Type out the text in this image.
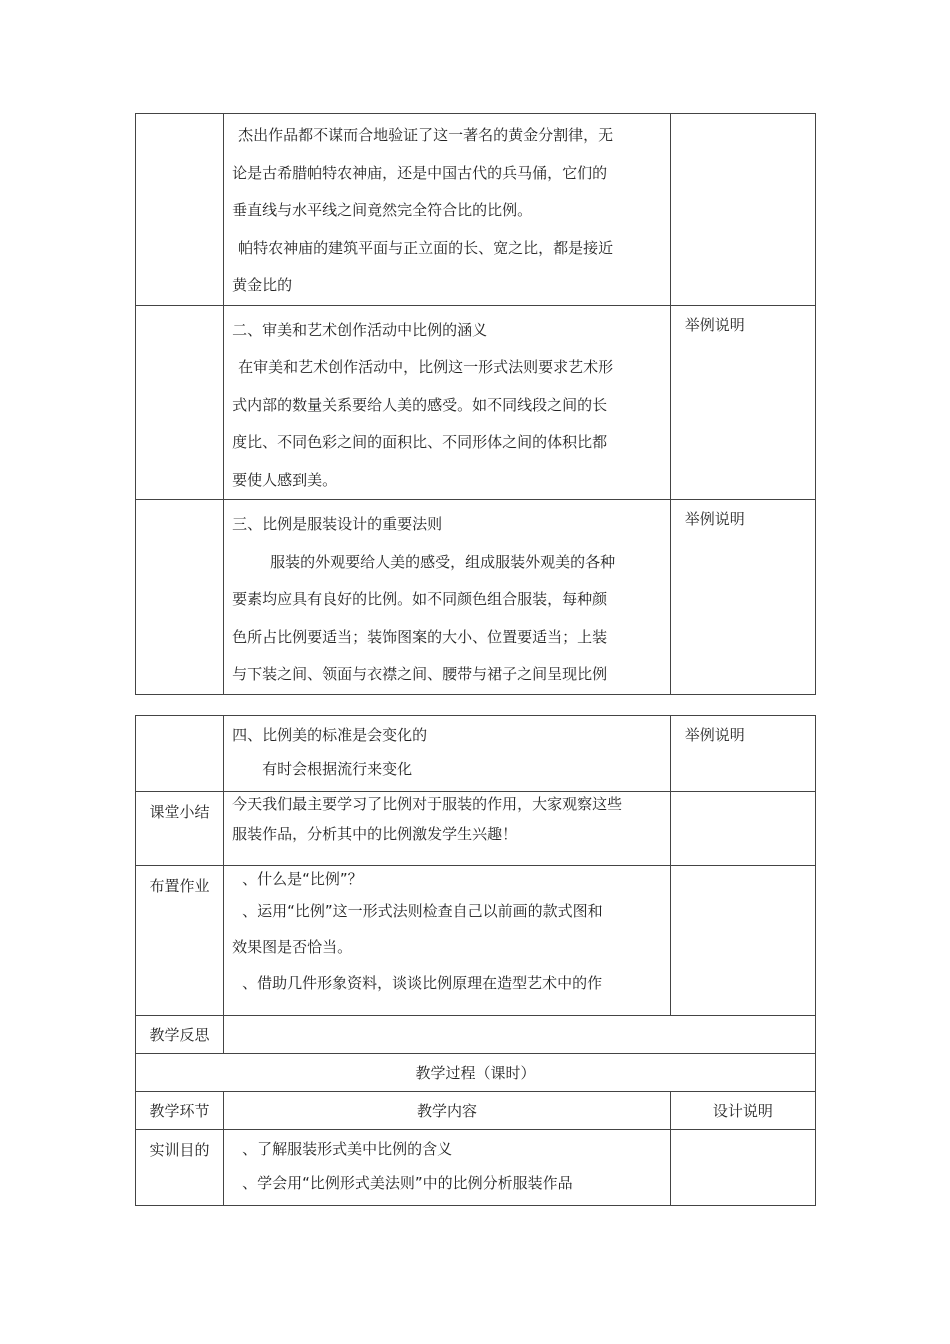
	杰出作品都不谋而合地验证了这一著名的黄金分割律，无
论是古希腊帕特农神庙，还是中国古代的兵马俑，它们的
垂直线与水平线之间竟然完全符合比的比例。
帕特农神庙的建筑平面与正立面的长、宽之比，都是接近
黄金比的	

	二、审美和艺术创作活动中比例的涵义
在审美和艺术创作活动中，比例这一形式法则要求艺术形
式内部的数量关系要给人美的感受。如不同线段之间的长
度比、不同色彩之间的面积比、不同形体之间的体积比都
要使人感到美。	举例说明

	三、比例是服装设计的重要法则
服装的外观要给人美的感受，组成服装外观美的各种
要素均应具有良好的比例。如不同颜色组合服装，每种颜
色所占比例要适当；装饰图案的大小、位置要适当；上装
与下装之间、领面与衣襟之间、腰带与裙子之间呈现比例	举例说明

	四、比例美的标准是会变化的
有时会根据流行来变化	举例说明

课堂小结	今天我们最主要学习了比例对于服装的作用，大家观察这些
服装作品，分析其中的比例激发学生兴趣！	

布置作业	、什么是“比例”？
、运用“比例”这一形式法则检查自己以前画的款式图和
效果图是否恰当。
、借助几件形象资料，谈谈比例原理在造型艺术中的作	

教学反思		

教学过程（课时）		
教学环节	教学内容	设计说明

实训目的	、了解服装形式美中比例的含义
、学会用“比例形式美法则”中的比例分析服装作品	
